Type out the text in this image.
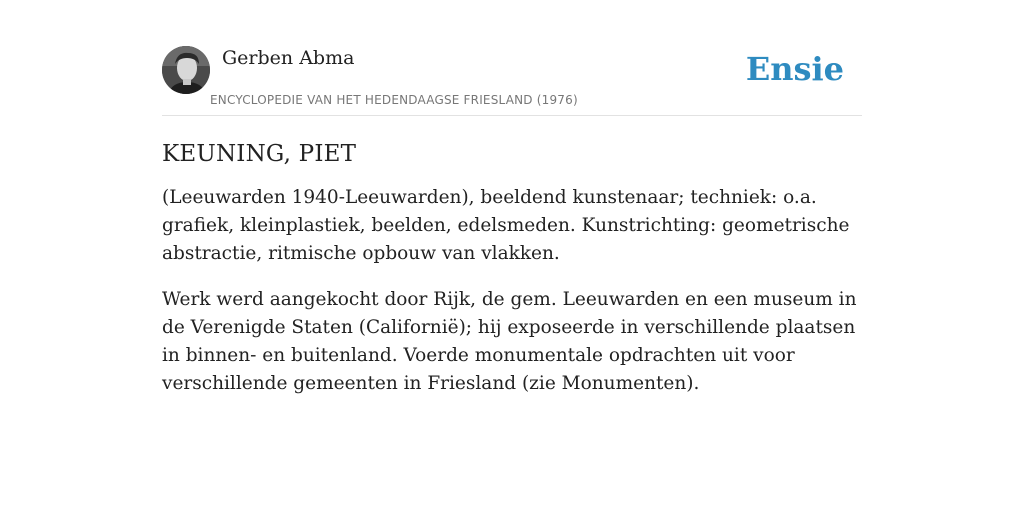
Gerben Abma
ENCYCLOPEDIE VAN HET HEDENDAAGSE FRIESLAND (1976)
Ensie
KEUNING, PIET

(Leeuwarden 1940-Leeuwarden), beeldend kunstenaar; techniek: o.a. grafiek, kleinplastiek, beelden, edelsmeden. Kunstrichting: geometrische abstractie, ritmische opbouw van vlakken.

Werk werd aangekocht door Rijk, de gem. Leeuwarden en een museum in de Verenigde Staten (Californië); hij exposeerde in verschillende plaatsen in binnen- en buitenland. Voerde monumentale opdrachten uit voor verschillende gemeenten in Friesland (zie Monumenten).
